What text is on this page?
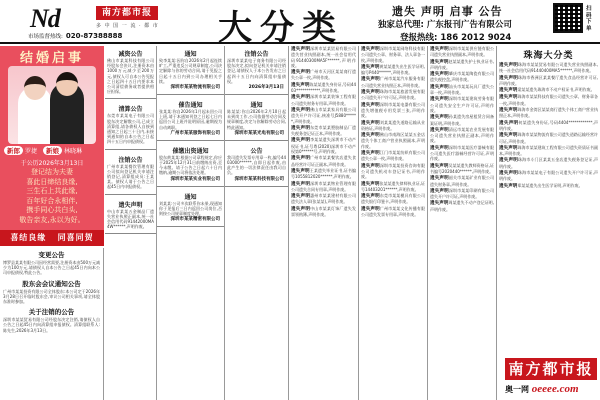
Nd	南方都市报
多 中 国 一 流 · 都 市
市场监督热线: 020-87388888	大分类	遗失 声明 启事 公告
独家总代理: 广东报刊广告有限公司
登报热线: 186 2012 9024
扫码下单
结婚启事
新郎 罗捷 新娘 林晓琳
于公历2026年3月13日
登记结为夫妻
喜此日缔结良缘,
三生石上共此缘,
百年好合永相伴,
携手同心共白头,
敬告亲友,永以为好。
喜结良缘 同喜同贺
变更公告
博罗县某某有限公司因经营需要,注册资本由500万元减少为100万元,请债权人自本公告之日起45日内向本公司申报债权,特此公告。
股东会会议通知公告
广州市某某投资有限公司全体股东:本公司定于2026年3月28日召开临时股东会,审议公司相关事项,请全体股东准时参加。
关于注销的公告
深圳市某某贸易有限公司经股东决定注销,请债权人自公告之日起45日内向清算组申报债权。清算组联系人:陈先生,2026年3月13日。
减资公告
佛山市某某科技有限公司经股东会决议,注册资本由1000万元减少至200万元,债权人可自本公告见报之日起四十五日内要求本公司清偿债务或者提供相应担保。
清算公告
东莞市某某电子有限公司股东决定解散公司,已成立清算组,请各债权人自接到通知之日起三十日内,未接到通知的自本公告之日起四十五日内申报债权。
注销公告
广州市某某餐饮管理有限公司拟向登记机关申请注销登记,清算组成员:王某某。债权人请于公告之日起45日内申报债权。
遗失声明
中山市某某五金制品厂遗失营业执照正副本,统一社会信用代码91442000MA4W******,声明作废。
通知
致李某某:因你自2026年2月起连续旷工,严重违反公司规章制度,公司决定解除与你的劳动合同,请于见报之日起十五日内到公司办理相关手续。
深圳市某某物流有限公司
催告通知
张某某:你自2026年1月起未回公司上班,请于本通知刊登之日起七日内返回公司上班并说明原因,逾期视为自动离职。
广州市某某服饰有限公司
催缴出资通知
股东黄某某:根据公司章程规定,你应于2025年12月31日前缴纳出资,至今未缴。请于公告之日起六十日内缴纳,逾期公司将依法处理。
深圳市某某实业有限公司
通知
刘某某:公司多次联系你未果,现通知你于见报后三日内返回公司岗位,否则按公司规章制度处理。
深圳市某某精密有限公司
注销公告
深圳市某某电子商务有限公司经股东决定,拟向登记机关申请注销登记,请债权人于本公告发布之日起四十五日内向清算组申报债权。
2026年3月13日
通知
陈某某:你自2026年2月10日起未到岗工作,公司依据劳动合同及规章制度,决定与你解除劳动合同,特此通知。
深圳市某某光电有限公司
公告
我司遗失发票专用章一枚,编号4403000******,自即日起作废,由此产生的一切法律责任由我司自负。
深圳市某某科技有限公司
遗失声明深圳市某某贸易有限公司遗失营业执照副本,统一社会信用代码91440300MA5F******,声明作废。
遗失声明广州市天河区某某商行遗失公章一枚,声明作废。
遗失声明陈某某遗失身份证,号码4403************,声明作废。
遗失声明深圳市某某装饰工程有限公司遗失财务专用章,声明作废。
遗失声明佛山市某某家具有限公司遗失开户许可证,核准号J5880******,声明作废。
遗失声明东莞市某某塑胶制品厂遗失税务登记证正本,声明作废。
遗失声明李某某遗失深圳市不动产权证书,证号粤(2020)深圳市不动产权第0******号,声明作废。
遗失声明广州市某某餐饮店遗失食品经营许可证正副本,声明作废。
遗失声明王某遗失毕业证书,证书编号1055812020******,声明作废。
遗失声明深圳市某某物业管理有限公司遗失合同专用章,声明作废。
遗失声明惠州市某某建材有限公司遗失法人章(张某某),声明作废。
遗失声明中山市某某灯饰厂遗失发票领购簿,声明作废。
遗失声明深圳市某某网络科技有限公司遗失公章、财务章、法人章各一枚,声明作废。
遗失声明黄某某遗失出生医学证明,编号P440******,声明作废。
遗失声明广州市某某汽车服务有限公司遗失营业执照正本,声明作废。
遗失声明珠海市某某旅游发展有限公司遗失开户许可证,声明作废。
遗失声明深圳市某某电器有限公司遗失增值税专用发票三张,声明作废。
遗失声明刘某某遗失道路运输从业资格证,声明作废。
遗失声明佛山市南海区某某五金店遗失个体工商户营业执照副本,声明作废。
遗失声明江门市某某纺织有限公司遗失公章一枚,声明作废。
遗失声明深圳市某某投资咨询有限公司遗失机动车登记证书,声明作废。
遗失声明张某某遗失律师执业证,证号14403201******,声明作废。
遗失声明东莞市某某模具有限公司遗失银行印鉴卡,声明作废。
遗失声明广州市某某文化传播有限公司遗失发票专用章,声明作废。
遗失声明深圳市某某供应链有限公司遗失营业执照副本,声明作废。
遗失声明赵某某遗失护士执业证书,声明作废。
遗失声明肇庆市某某陶瓷有限公司遗失税控盘,声明作废。
遗失声明汕头市某某玩具厂遗失公章一枚,声明作废。
遗失声明深圳市某某建筑劳务有限公司遗失安全生产许可证,声明作废。
遗失声明孙某遗失房屋租赁合同备案证明,声明作废。
遗失声明清远市某某农业发展有限公司遗失营业执照正副本,声明作废。
遗失声明深圳市某某医疗器械有限公司遗失医疗器械经营许可证,声明作废。
遗失声明吴某某遗失教师资格证,证书编号2020440******,声明作废。
遗失声明韶关市某某矿业有限公司遗失财务章,声明作废。
遗失声明深圳市某某印刷有限公司遗失开户许可证,声明作废。
遗失声明周某遗失不动产登记证明,声明作废。
珠海大分类
遗失声明珠海市某某贸易有限公司遗失营业执照副本,统一社会信用代码91440400MA5******,声明作废。
遗失声明珠海市香洲区某某餐厅遗失食品经营许可证,声明作废。
遗失声明梁某某遗失珠海市不动产权证书,声明作废。
遗失声明珠海市某某科技有限公司遗失公章、财务章各一枚,声明作废。
遗失声明珠海市金湾区某某商行遗失个体工商户营业执照正本,声明作废。
遗失声明何某遗失身份证,号码4404************,声明作废。
遗失声明珠海市某某物流有限公司遗失道路运输经营许可证,声明作废。
遗失声明珠海市某某建筑工程有限公司遗失资质证书副本,声明作废。
遗失声明珠海市斗门区某某五金店遗失税务登记证,声明作废。
遗失声明珠海市某某电子有限公司遗失开户许可证,声明作废。
遗失声明郑某某遗失出生医学证明,声明作废。
南方都市报
奥一网 oeeee.com
